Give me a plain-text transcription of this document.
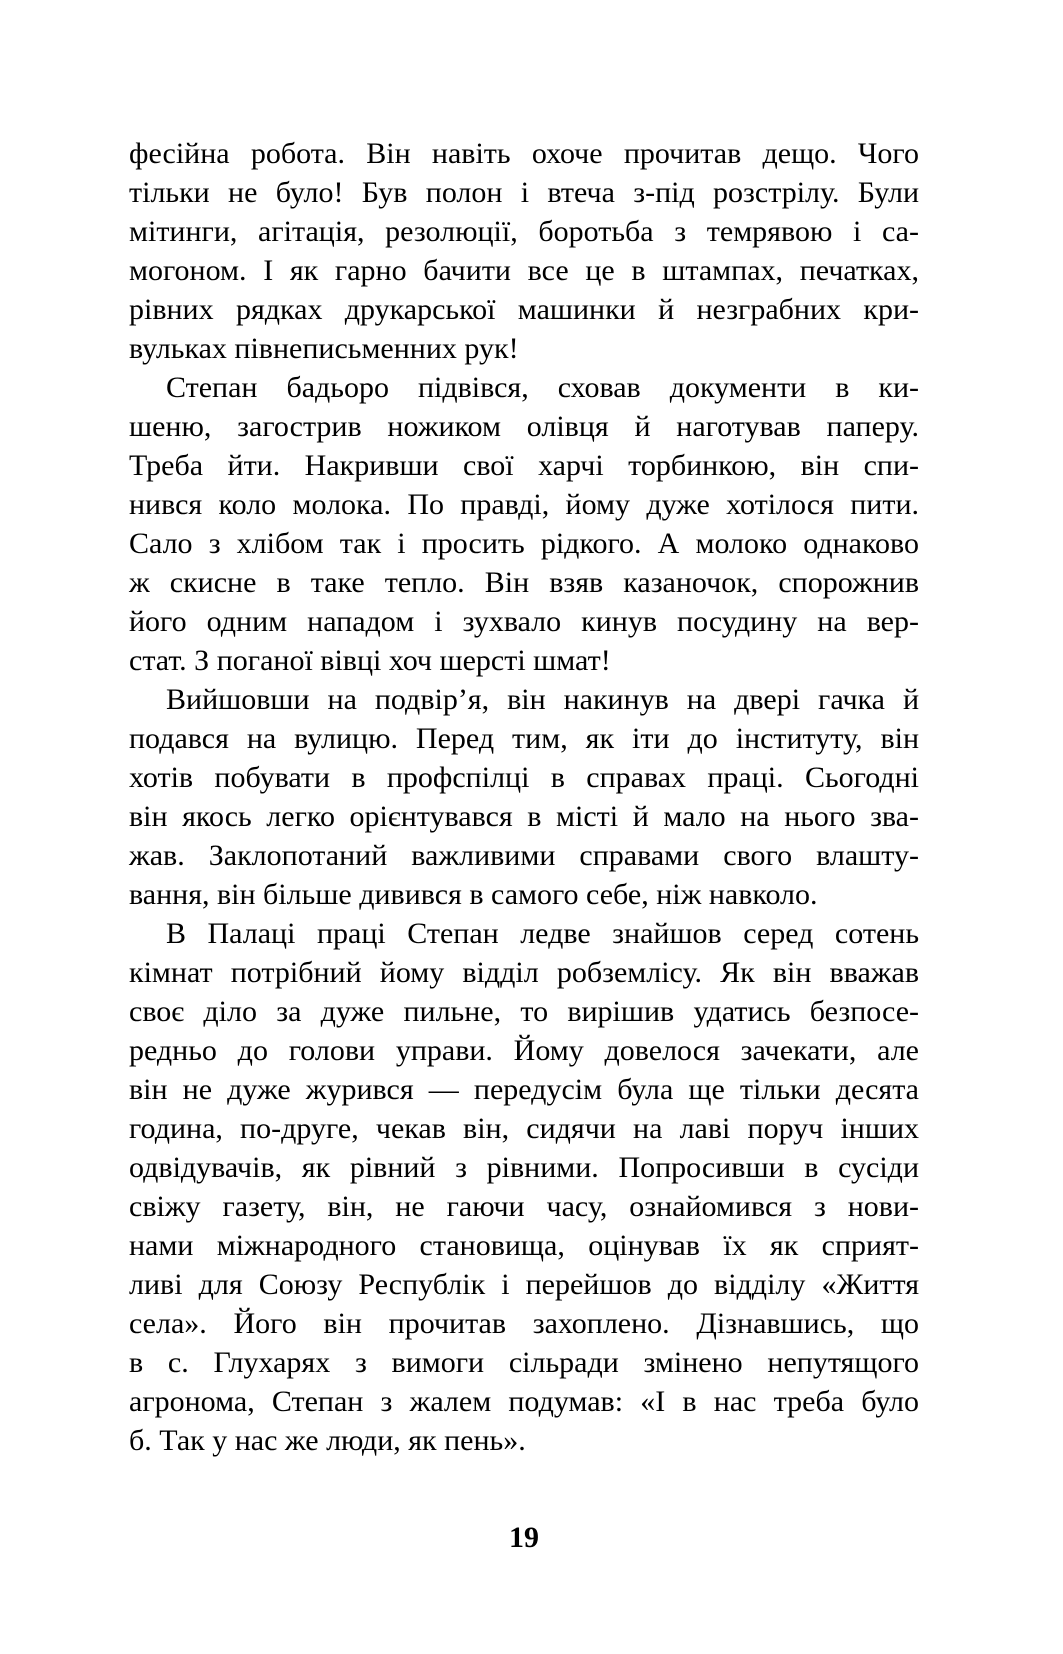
фесійна робота. Він навіть охоче прочитав дещо. Чого
тільки не було! Був полон і втеча з-під розстрілу. Були
мітинги, агітація, резолюції, боротьба з темрявою і са-
могоном. І як гарно бачити все це в штампах, печатках,
рівних рядках друкарської машинки й незграбних кри-
вульках півнеписьменних рук!
Степан бадьоро підвівся, сховав документи в ки-
шеню, загострив ножиком олівця й наготував паперу.
Треба йти. Накривши свої харчі торбинкою, він спи-
нився коло молока. По правді, йому дуже хотілося пити.
Сало з хлібом так і просить рідкого. А молоко однаково
ж скисне в таке тепло. Він взяв казаночок, спорожнив
його одним нападом і зухвало кинув посудину на вер-
стат. З поганої вівці хоч шерсті шмат!
Вийшовши на подвір’я, він накинув на двері гачка й
подався на вулицю. Перед тим, як іти до інституту, він
хотів побувати в профспілці в справах праці. Сьогодні
він якось легко орієнтувався в місті й мало на нього зва-
жав. Заклопотаний важливими справами свого влашту-
вання, він більше дивився в самого себе, ніж навколо.
В Палаці праці Степан ледве знайшов серед сотень
кімнат потрібний йому відділ робземлісу. Як він вважав
своє діло за дуже пильне, то вирішив удатись безпосе-
редньо до голови управи. Йому довелося зачекати, але
він не дуже журився — передусім була ще тільки десята
година, по-друге, чекав він, сидячи на лаві поруч інших
одвідувачів, як рівний з рівними. Попросивши в сусіди
свіжу газету, він, не гаючи часу, ознайомився з нови-
нами міжнародного становища, оцінував їх як сприят-
ливі для Союзу Республік і перейшов до відділу «Життя
села». Його він прочитав захоплено. Дізнавшись, що
в с. Глухарях з вимоги сільради змінено непутящого
агронома, Степан з жалем подумав: «І в нас треба було
б. Так у нас же люди, як пень».
19
